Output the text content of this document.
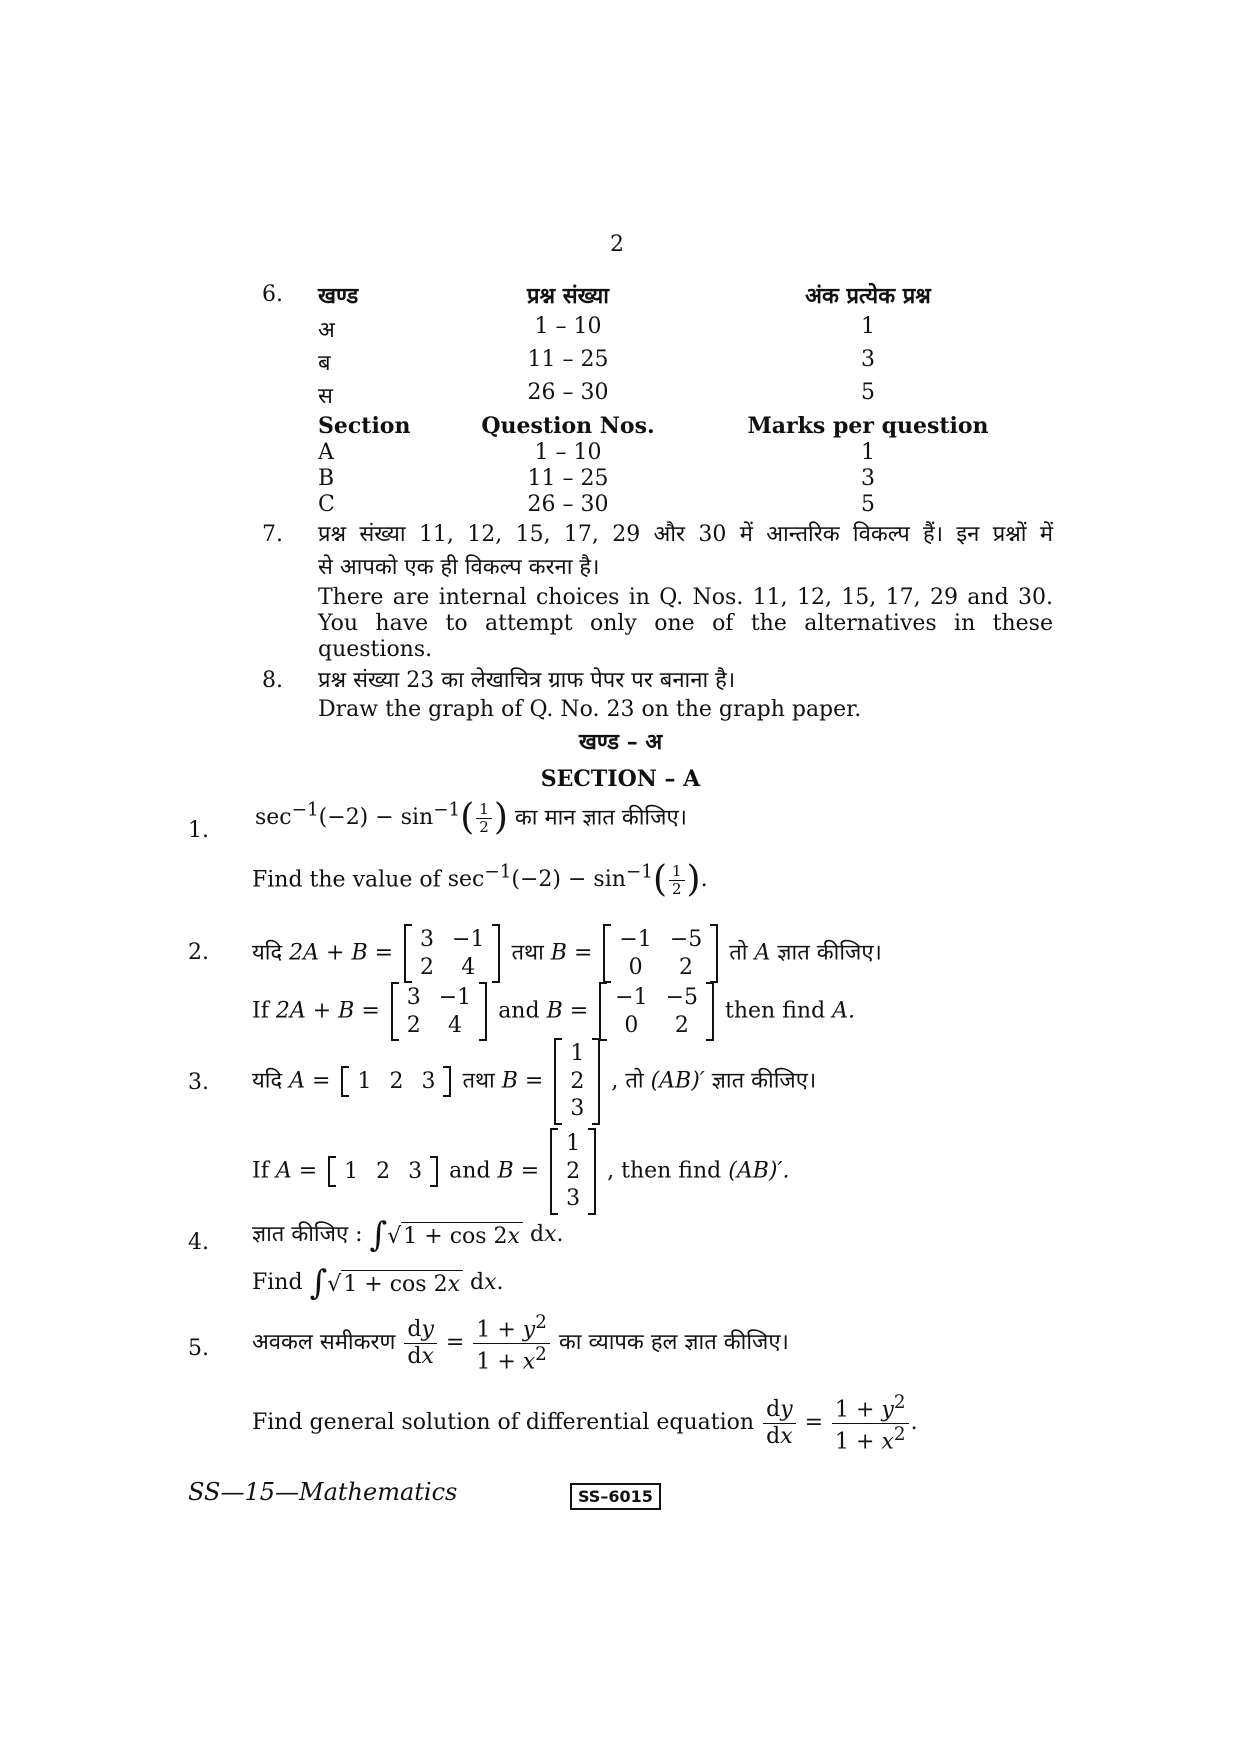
2
6. खण्ड	प्रश्न संख्या	अंक प्रत्येक प्रश्न
अ	1 – 10	1
ब	11 – 25	3
स	26 – 30	5
Section	Question Nos.	Marks per question
A	1 – 10	1
B	11 – 25	3
C	26 – 30	5
7. प्रश्न संख्या 11, 12, 15, 17, 29 और 30 में आन्तरिक विकल्प हैं। इन प्रश्नों में
से आपको एक ही विकल्प करना है।
There are internal choices in Q. Nos. 11, 12, 15, 17, 29 and 30.
You have to attempt only one of the alternatives in these
questions.
8. प्रश्न संख्या 23 का लेखाचित्र ग्राफ पेपर पर बनाना है।
Draw the graph of Q. No. 23 on the graph paper.
खण्ड – अ
SECTION – A
1.
$\sec^{-1}(-2) - \sin^{-1}( \frac{1}{2}$ ) का मान ज्ञात कीजिए।
Find the value of $\sec^{-1}(-2) - \sin^{-1}( \frac{1}{2}$ ).
2. यदि 2A + B =
3 −1
2	4
तथा B =
−1 −5
0	2
तो A ज्ञात कीजिए।
If 2A + B =
3 −1
2	4
and B =
−1 −5
0	2
then find A.
3. यदि A = 1 2 3 तथा B =
1
2
3
, तो (AB)′ ज्ञात कीजिए।
If A = 1 2 3 and B =
1
2
3
, then find (AB)′.
4. ज्ञात कीजिए : ∫ √ 1 + cos 2x dx.
Find ∫ √ 1 + cos 2x dx.
5. अवकल समीकरण $\frac{dy}{dx} = \frac{1 + y^2}{1 + x^2}$ का व्यापक हल ज्ञात कीजिए।
Find general solution of differential equation $\frac{dy}{dx} = \frac{1 + y^2}{1 + x^2}$ .
SS—15—Mathematics	SS–6015
